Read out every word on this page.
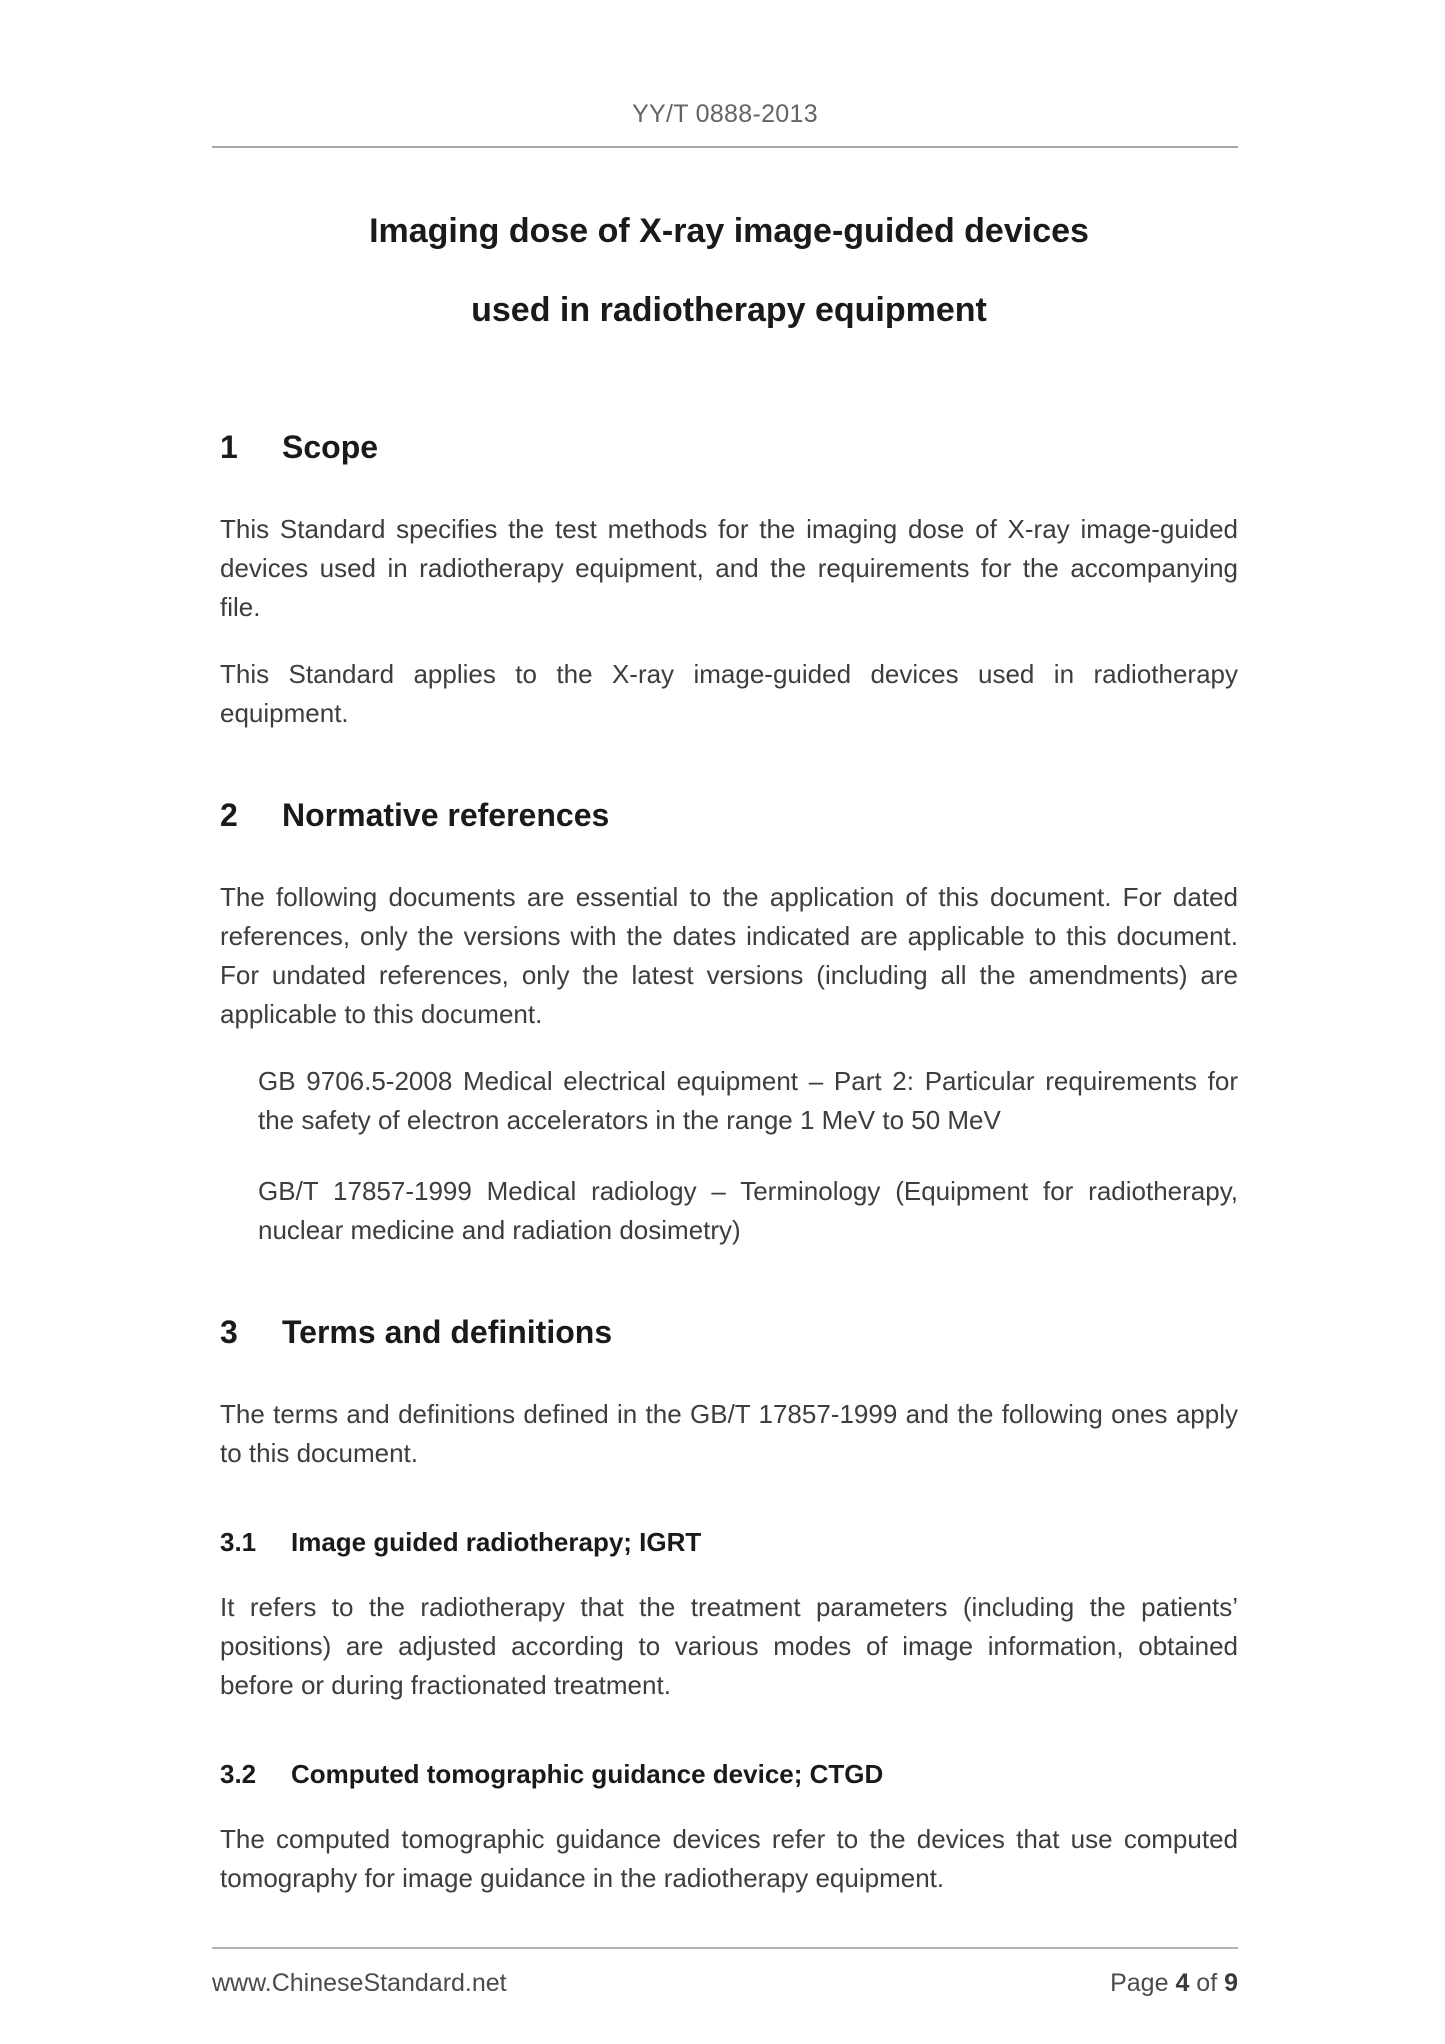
YY/T 0888-2013
Imaging dose of X-ray image-guided devices
used in radiotherapy equipment
1 Scope

This Standard specifies the test methods for the imaging dose of X-ray image-guided devices used in radiotherapy equipment, and the requirements for the accompanying file.

This Standard applies to the X-ray image-guided devices used in radiotherapy equipment.

2 Normative references

The following documents are essential to the application of this document. For dated references, only the versions with the dates indicated are applicable to this document. For undated references, only the latest versions (including all the amendments) are applicable to this document.

GB 9706.5-2008 Medical electrical equipment – Part 2: Particular requirements for the safety of electron accelerators in the range 1 MeV to 50 MeV

GB/T 17857-1999 Medical radiology – Terminology (Equipment for radiotherapy, nuclear medicine and radiation dosimetry)

3 Terms and definitions

The terms and definitions defined in the GB/T 17857-1999 and the following ones apply to this document.

3.1 Image guided radiotherapy; IGRT

It refers to the radiotherapy that the treatment parameters (including the patients’ positions) are adjusted according to various modes of image information, obtained before or during fractionated treatment.

3.2 Computed tomographic guidance device; CTGD

The computed tomographic guidance devices refer to the devices that use computed tomography for image guidance in the radiotherapy equipment.

www.ChineseStandard.net	Page 4 of 9
